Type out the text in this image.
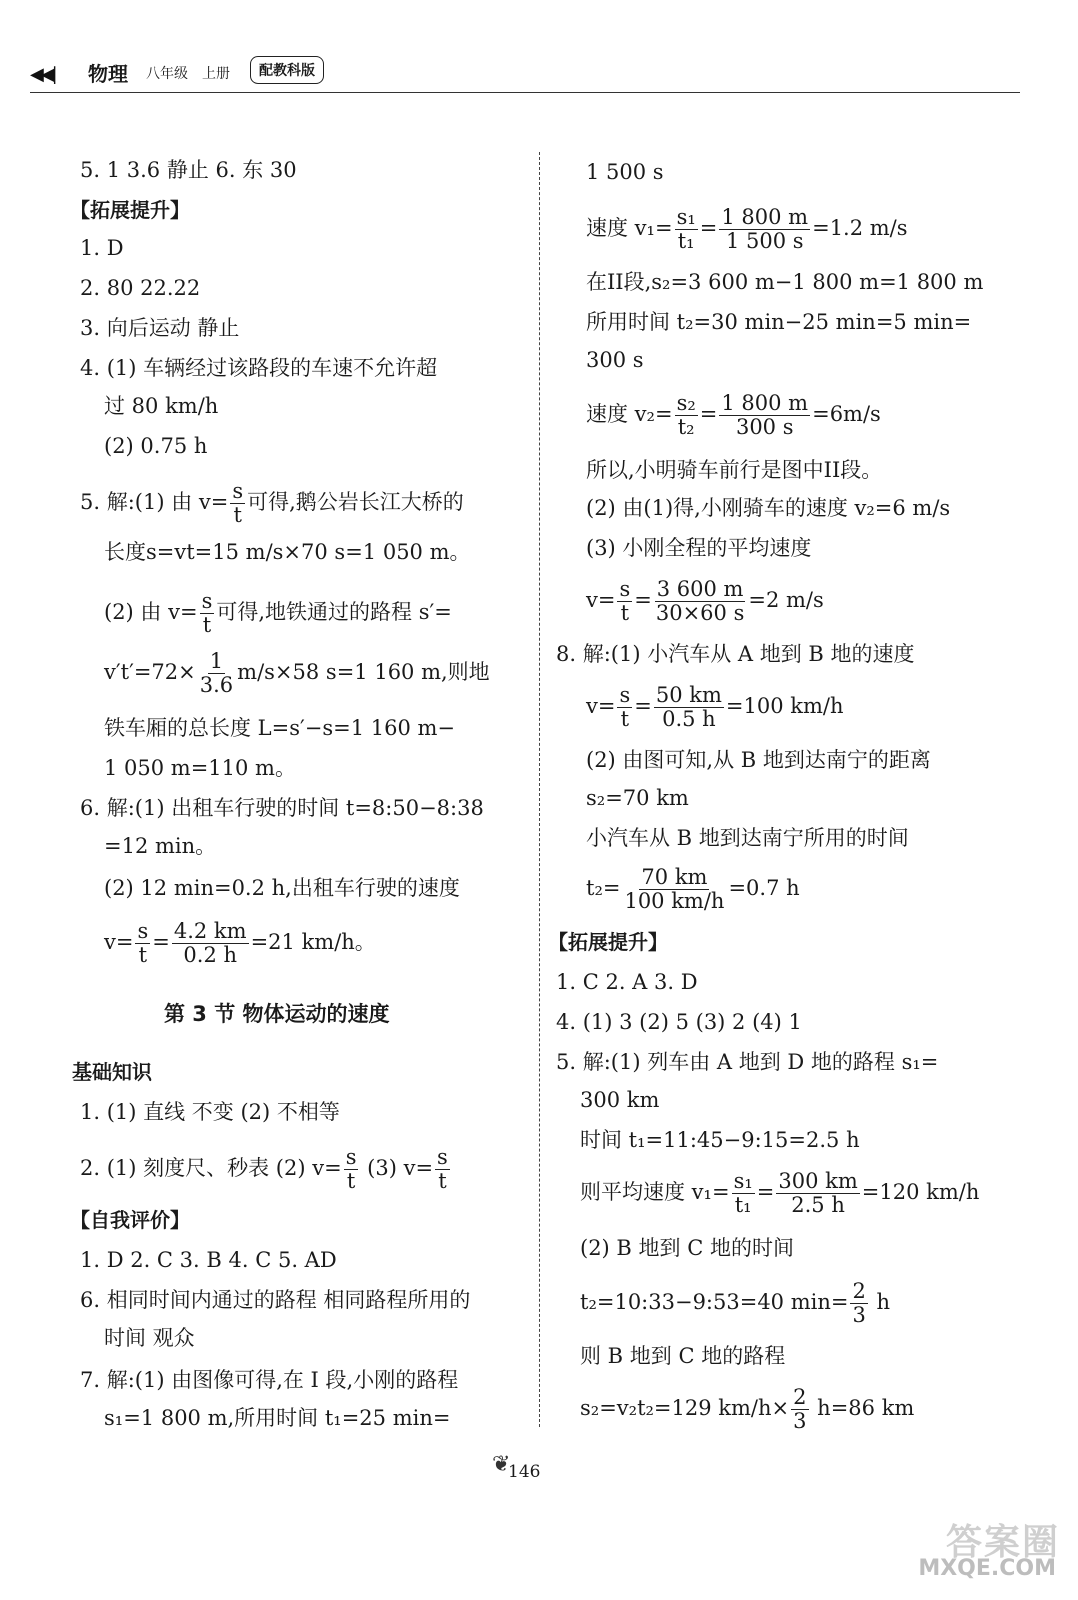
◀◀| 物理 八年级 上册	配教科版
5. 1 3.6 静止 6. 东 30
【拓展提升】
1. D
2. 80 22.22
3. 向后运动 静止
4. (1) 车辆经过该路段的车速不允许超
过 80 km/h
(2) 0.75 h
5. 解:(1) 由 $v= \frac{s}{t}$ 可得,鹅公岩长江大桥的
长度s=vt=15 m/s×70 s=1 050 m。
(2) 由 $v= \frac{s}{t}$ 可得,地铁通过的路程 s′=
$v't'=72\times \frac{1}{3.6} m/s\times 58$ s=1 160 m,则地
铁车厢的总长度 L=s′−s=1 160 m−
1 050 m=110 m。
6. 解:(1) 出租车行驶的时间 t=8:50−8:38
=12 min。
(2) 12 min=0.2 h,出租车行驶的速度
$v= \frac{s}{t} = \frac{4.2 km}{0.2 h} =21$ km/h。
第 3 节 物体运动的速度
基础知识
1. (1) 直线 不变 (2) 不相等
2. (1) 刻度尺、秒表 (2) $v= \frac{s}{t} (3)$ $v= \frac{s}{t}$
【自我评价】
1. D 2. C 3. B 4. C 5. AD
6. 相同时间内通过的路程 相同路程所用的
时间 观众
7. 解:(1) 由图像可得,在 I 段,小刚的路程
s₁=1 800 m,所用时间 t₁=25 min=
1 500 s
速度 $v_1= \frac{\text{s₁}}{\text{t₁}} = \frac{1 800 m}{1 500 s} =1.2$ m/s
在II段,s₂=3 600 m−1 800 m=1 800 m
所用时间 t₂=30 min−25 min=5 min=
300 s
速度 $v_2= \frac{\text{s₂}}{\text{t₂}} = \frac{1 800 m}{300 s} =6m/s$
所以,小明骑车前行是图中II段。
(2) 由(1)得,小刚骑车的速度 v₂=6 m/s
(3) 小刚全程的平均速度
$v= \frac{s}{t} = \frac{3 600 m}{30\times 60 s} =2$ m/s
8. 解:(1) 小汽车从 A 地到 B 地的速度
$v= \frac{s}{t} = \frac{50 km}{0.5 h} =100$ km/h
(2) 由图可知,从 B 地到达南宁的距离
s₂=70 km
小汽车从 B 地到达南宁所用的时间
$t_2= \frac{70 km}{100 km/h} =0.7$ h
【拓展提升】
1. C 2. A 3. D
4. (1) 3 (2) 5 (3) 2 (4) 1
5. 解:(1) 列车由 A 地到 D 地的路程 s₁=
300 km
时间 t₁=11:45−9:15=2.5 h
则平均速度 $v_1= \frac{\text{s₁}}{\text{t₁}} = \frac{300 km}{2.5 h} =120$ km/h
(2) B 地到 C 地的时间
t₂=10:33−9:53=40 $\min= \frac{2}{3}$ h
则 B 地到 C 地的路程
s₂=v₂t₂=129 $km/h\times \frac{2}{3} h=86$ km
❦
146
答案圈
MXQE.COM
